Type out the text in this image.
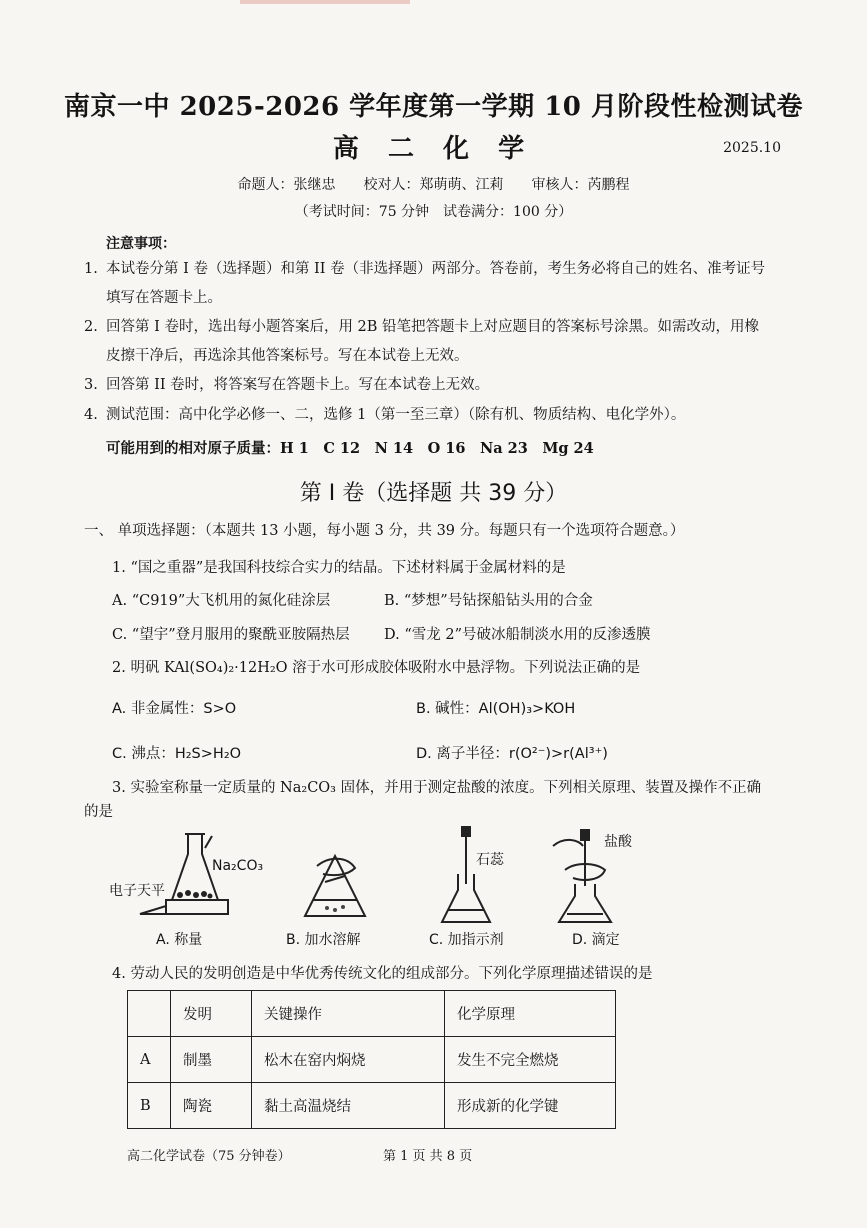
南京一中 2025-2026 学年度第一学期 10 月阶段性检测试卷
高 二 化 学	2025.10
命题人：张继忠　　校对人：郑萌萌、江莉　　审核人：芮鹏程
（考试时间：75 分钟　试卷满分：100 分）
注意事项：
1. 本试卷分第 I 卷（选择题）和第 II 卷（非选择题）两部分。答卷前，考生务必将自己的姓名、准考证号
填写在答题卡上。
2. 回答第 I 卷时，选出每小题答案后，用 2B 铅笔把答题卡上对应题目的答案标号涂黑。如需改动，用橡
皮擦干净后，再选涂其他答案标号。写在本试卷上无效。
3. 回答第 II 卷时，将答案写在答题卡上。写在本试卷上无效。
4. 测试范围：高中化学必修一、二，选修 1（第一至三章）（除有机、物质结构、电化学外）。
可能用到的相对原子质量：H 1　C 12　N 14　O 16　Na 23　Mg 24
第 I 卷（选择题 共 39 分）
一、 单项选择题：（本题共 13 小题，每小题 3 分，共 39 分。每题只有一个选项符合题意。）
1. “国之重器”是我国科技综合实力的结晶。下述材料属于金属材料的是
A. “C919”大飞机用的氮化硅涂层	B. “梦想”号钻探船钻头用的合金
C. “望宇”登月服用的聚酰亚胺隔热层 D. “雪龙 2”号破冰船制淡水用的反渗透膜
2. 明矾 KAl(SO₄)₂·12H₂O 溶于水可形成胶体吸附水中悬浮物。下列说法正确的是
A. 非金属性：S>O	B. 碱性：Al(OH)₃>KOH
C. 沸点：H₂S>H₂O	D. 离子半径：r(O²⁻)>r(Al³⁺)
3. 实验室称量一定质量的 Na₂CO₃ 固体，并用于测定盐酸的浓度。下列相关原理、装置及操作不正确
的是
电子天平
Na₂CO₃	石蕊
盐酸
A. 称量	B. 加水溶解	C. 加指示剂	D. 滴定
4. 劳动人民的发明创造是中华优秀传统文化的组成部分。下列化学原理描述错误的是
	发明	关键操作	化学原理
A	制墨	松木在窑内焖烧	发生不完全燃烧
B	陶瓷	黏土高温烧结	形成新的化学键
高二化学试卷（75 分钟卷）	第 1 页 共 8 页
